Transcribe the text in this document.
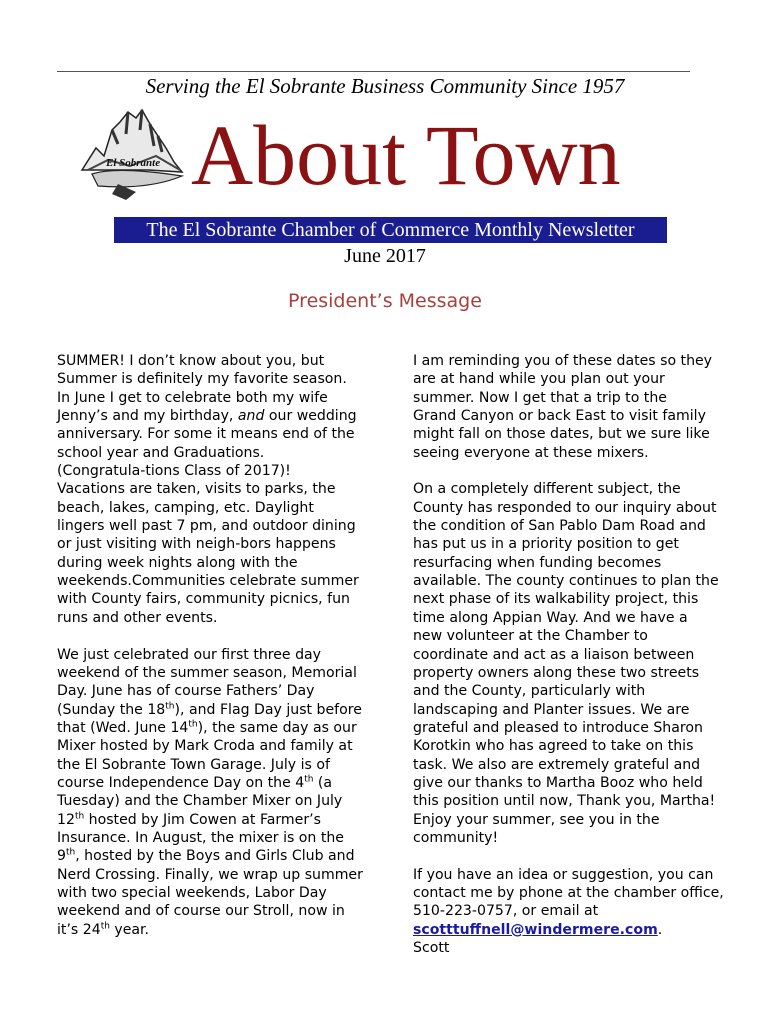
Serving the El Sobrante Business Community Since 1957
El Sobrante About Town
The El Sobrante Chamber of Commerce Monthly Newsletter
June 2017
President’s Message

SUMMER! I don’t know about you, but
Summer is definitely my favorite season.
In June I get to celebrate both my wife
Jenny’s and my birthday, and our wedding
anniversary. For some it means end of the
school year and Graduations.
(Congratula-tions Class of 2017)!
Vacations are taken, visits to parks, the
beach, lakes, camping, etc. Daylight
lingers well past 7 pm, and outdoor dining
or just visiting with neigh-bors happens
during week nights along with the
weekends.Communities celebrate summer
with County fairs, community picnics, fun
runs and other events.

We just celebrated our first three day
weekend of the summer season, Memorial
Day. June has of course Fathers’ Day
(Sunday the 18th), and Flag Day just before
that (Wed. June 14th), the same day as our
Mixer hosted by Mark Croda and family at
the El Sobrante Town Garage. July is of
course Independence Day on the 4th (a
Tuesday) and the Chamber Mixer on July
12th hosted by Jim Cowen at Farmer’s
Insurance. In August, the mixer is on the
9th, hosted by the Boys and Girls Club and
Nerd Crossing. Finally, we wrap up summer
with two special weekends, Labor Day
weekend and of course our Stroll, now in
it’s 24th year.

I am reminding you of these dates so they
are at hand while you plan out your
summer. Now I get that a trip to the
Grand Canyon or back East to visit family
might fall on those dates, but we sure like
seeing everyone at these mixers.

On a completely different subject, the
County has responded to our inquiry about
the condition of San Pablo Dam Road and
has put us in a priority position to get
resurfacing when funding becomes
available. The county continues to plan the
next phase of its walkability project, this
time along Appian Way. And we have a
new volunteer at the Chamber to
coordinate and act as a liaison between
property owners along these two streets
and the County, particularly with
landscaping and Planter issues. We are
grateful and pleased to introduce Sharon
Korotkin who has agreed to take on this
task. We also are extremely grateful and
give our thanks to Martha Booz who held
this position until now, Thank you, Martha!
Enjoy your summer, see you in the
community!

If you have an idea or suggestion, you can
contact me by phone at the chamber office,
510-223-0757, or email at
scotttuffnell@windermere.com.

Scott
